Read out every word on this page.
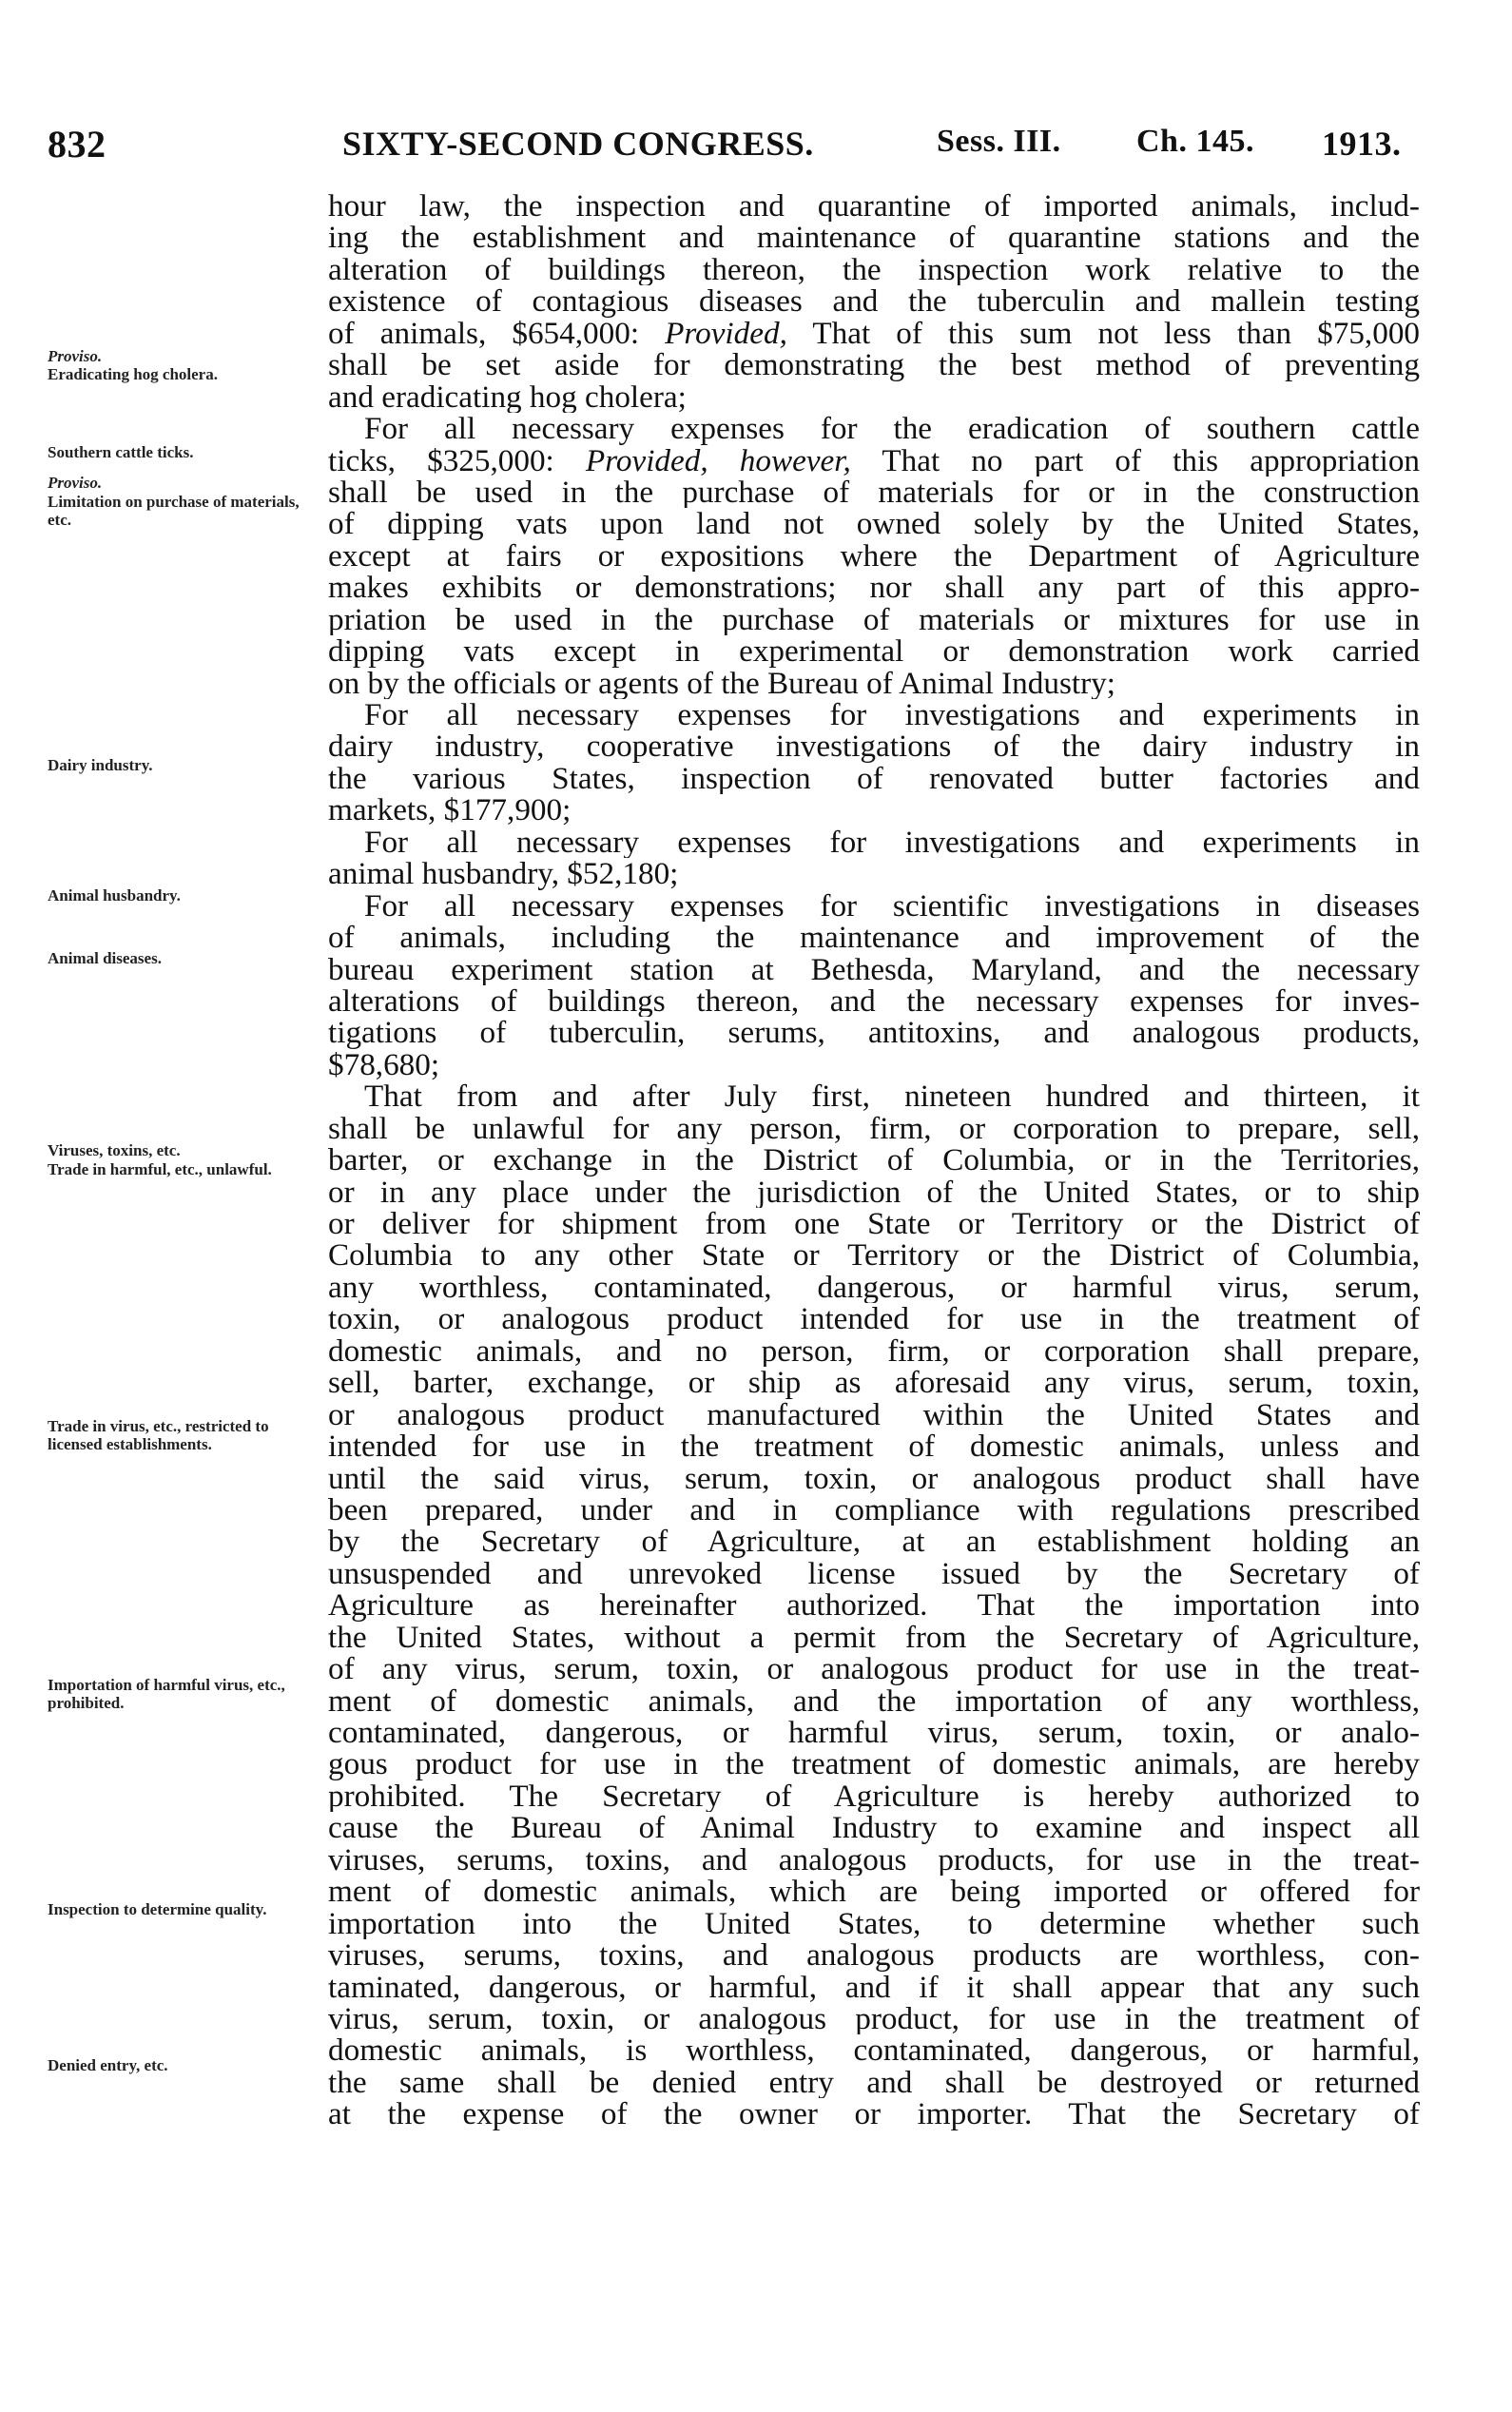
832	SIXTY-SECOND CONGRESS.	Sess. III. Ch. 145. 1913.
Proviso.
Eradicating hog cholera.
Southern cattle ticks.
Proviso.
Limitation on purchase of materials, etc.
Dairy industry.
Animal husbandry.
Animal diseases.
Viruses, toxins, etc.
Trade in harmful, etc., unlawful.
Trade in virus, etc., restricted to licensed establishments.
Importation of harmful virus, etc., prohibited.
Inspection to determine quality.
Denied entry, etc.
hour law, the inspection and quarantine of imported animals, includ-
ing the establishment and maintenance of quarantine stations and the
alteration of buildings thereon, the inspection work relative to the
existence of contagious diseases and the tuberculin and mallein testing
of animals, $654,000: Provided, That of this sum not less than $75,000
shall be set aside for demonstrating the best method of preventing
and eradicating hog cholera;
For all necessary expenses for the eradication of southern cattle
ticks, $325,000: Provided, however, That no part of this appropriation
shall be used in the purchase of materials for or in the construction
of dipping vats upon land not owned solely by the United States,
except at fairs or expositions where the Department of Agriculture
makes exhibits or demonstrations; nor shall any part of this appro-
priation be used in the purchase of materials or mixtures for use in
dipping vats except in experimental or demonstration work carried
on by the officials or agents of the Bureau of Animal Industry;
For all necessary expenses for investigations and experiments in
dairy industry, cooperative investigations of the dairy industry in
the various States, inspection of renovated butter factories and
markets, $177,900;
For all necessary expenses for investigations and experiments in
animal husbandry, $52,180;
For all necessary expenses for scientific investigations in diseases
of animals, including the maintenance and improvement of the
bureau experiment station at Bethesda, Maryland, and the necessary
alterations of buildings thereon, and the necessary expenses for inves-
tigations of tuberculin, serums, antitoxins, and analogous products,
$78,680;
That from and after July first, nineteen hundred and thirteen, it
shall be unlawful for any person, firm, or corporation to prepare, sell,
barter, or exchange in the District of Columbia, or in the Territories,
or in any place under the jurisdiction of the United States, or to ship
or deliver for shipment from one State or Territory or the District of
Columbia to any other State or Territory or the District of Columbia,
any worthless, contaminated, dangerous, or harmful virus, serum,
toxin, or analogous product intended for use in the treatment of
domestic animals, and no person, firm, or corporation shall prepare,
sell, barter, exchange, or ship as aforesaid any virus, serum, toxin,
or analogous product manufactured within the United States and
intended for use in the treatment of domestic animals, unless and
until the said virus, serum, toxin, or analogous product shall have
been prepared, under and in compliance with regulations prescribed
by the Secretary of Agriculture, at an establishment holding an
unsuspended and unrevoked license issued by the Secretary of
Agriculture as hereinafter authorized. That the importation into
the United States, without a permit from the Secretary of Agriculture,
of any virus, serum, toxin, or analogous product for use in the treat-
ment of domestic animals, and the importation of any worthless,
contaminated, dangerous, or harmful virus, serum, toxin, or analo-
gous product for use in the treatment of domestic animals, are hereby
prohibited. The Secretary of Agriculture is hereby authorized to
cause the Bureau of Animal Industry to examine and inspect all
viruses, serums, toxins, and analogous products, for use in the treat-
ment of domestic animals, which are being imported or offered for
importation into the United States, to determine whether such
viruses, serums, toxins, and analogous products are worthless, con-
taminated, dangerous, or harmful, and if it shall appear that any such
virus, serum, toxin, or analogous product, for use in the treatment of
domestic animals, is worthless, contaminated, dangerous, or harmful,
the same shall be denied entry and shall be destroyed or returned
at the expense of the owner or importer. That the Secretary of
